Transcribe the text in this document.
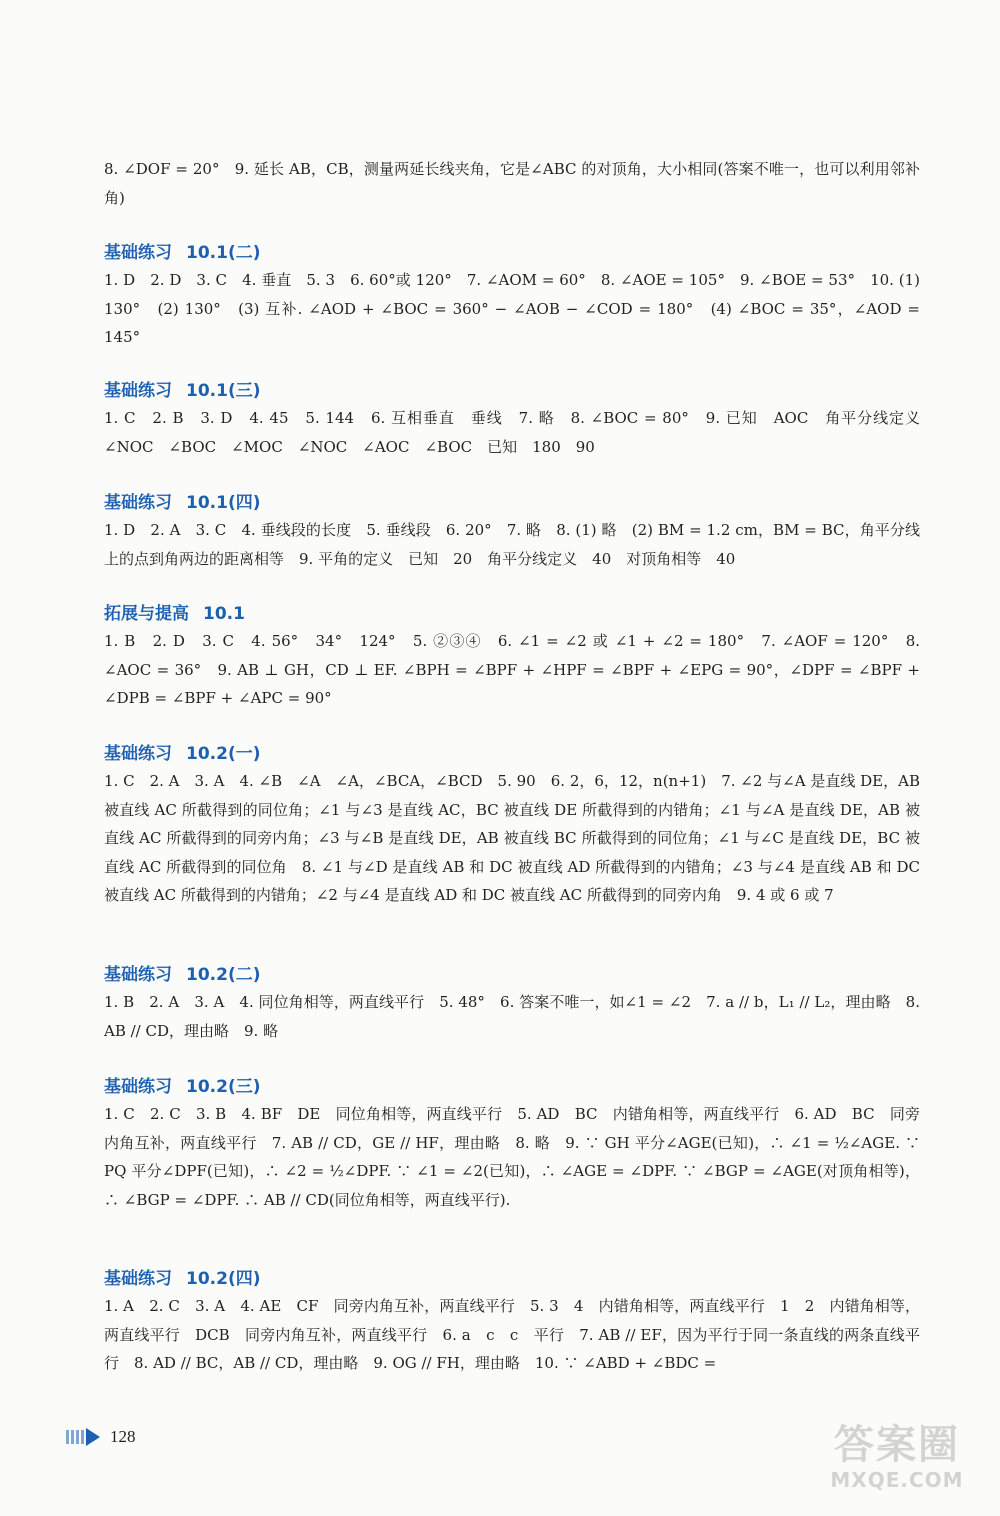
8. ∠DOF = 20°　9. 延长 AB，CB，测量两延长线夹角，它是∠ABC 的对顶角，大小相同(答案不唯一，也可以利用邻补角)

基础练习 10.1(二)

1. D　2. D　3. C　4. 垂直　5. 3　6. 60°或 120°　7. ∠AOM = 60°　8. ∠AOE = 105°　9. ∠BOE = 53°　10. (1) 130°　(2) 130°　(3) 互补. ∠AOD + ∠BOC = 360° − ∠AOB − ∠COD = 180°　(4) ∠BOC = 35°，∠AOD = 145°

基础练习 10.1(三)

1. C　2. B　3. D　4. 45　5. 144　6. 互相垂直　垂线　7. 略　8. ∠BOC = 80°　9. 已知　AOC　角平分线定义　∠NOC　∠BOC　∠MOC　∠NOC　∠AOC　∠BOC　已知　180　90

基础练习 10.1(四)

1. D　2. A　3. C　4. 垂线段的长度　5. 垂线段　6. 20°　7. 略　8. (1) 略　(2) BM = 1.2 cm，BM = BC，角平分线上的点到角两边的距离相等　9. 平角的定义　已知　20　角平分线定义　40　对顶角相等　40

拓展与提高 10.1

1. B　2. D　3. C　4. 56°　34°　124°　5. ②③④　6. ∠1 = ∠2 或 ∠1 + ∠2 = 180°　7. ∠AOF = 120°　8. ∠AOC = 36°　9. AB ⊥ GH，CD ⊥ EF. ∠BPH = ∠BPF + ∠HPF = ∠BPF + ∠EPG = 90°，∠DPF = ∠BPF + ∠DPB = ∠BPF + ∠APC = 90°

基础练习 10.2(一)

1. C　2. A　3. A　4. ∠B　∠A　∠A，∠BCA，∠BCD　5. 90　6. 2，6，12，n(n+1)　7. ∠2 与∠A 是直线 DE，AB 被直线 AC 所截得到的同位角；∠1 与∠3 是直线 AC，BC 被直线 DE 所截得到的内错角；∠1 与∠A 是直线 DE，AB 被直线 AC 所截得到的同旁内角；∠3 与∠B 是直线 DE，AB 被直线 BC 所截得到的同位角；∠1 与∠C 是直线 DE，BC 被直线 AC 所截得到的同位角　8. ∠1 与∠D 是直线 AB 和 DC 被直线 AD 所截得到的内错角；∠3 与∠4 是直线 AB 和 DC 被直线 AC 所截得到的内错角；∠2 与∠4 是直线 AD 和 DC 被直线 AC 所截得到的同旁内角　9. 4 或 6 或 7

基础练习 10.2(二)

1. B　2. A　3. A　4. 同位角相等，两直线平行　5. 48°　6. 答案不唯一，如∠1 = ∠2　7. a // b，L₁ // L₂，理由略　8. AB // CD，理由略　9. 略

基础练习 10.2(三)

1. C　2. C　3. B　4. BF　DE　同位角相等，两直线平行　5. AD　BC　内错角相等，两直线平行　6. AD　BC　同旁内角互补，两直线平行　7. AB // CD，GE // HF，理由略　8. 略　9. ∵ GH 平分∠AGE(已知)，∴ ∠1 = ½∠AGE. ∵ PQ 平分∠DPF(已知)，∴ ∠2 = ½∠DPF. ∵ ∠1 = ∠2(已知)，∴ ∠AGE = ∠DPF. ∵ ∠BGP = ∠AGE(对顶角相等)，∴ ∠BGP = ∠DPF. ∴ AB // CD(同位角相等，两直线平行).

基础练习 10.2(四)

1. A　2. C　3. A　4. AE　CF　同旁内角互补，两直线平行　5. 3　4　内错角相等，两直线平行　1　2　内错角相等，两直线平行　DCB　同旁内角互补，两直线平行　6. a　c　c　平行　7. AB // EF，因为平行于同一条直线的两条直线平行　8. AD // BC，AB // CD，理由略　9. OG // FH，理由略　10. ∵ ∠ABD + ∠BDC =

128	答案圈
MXQE.COM
